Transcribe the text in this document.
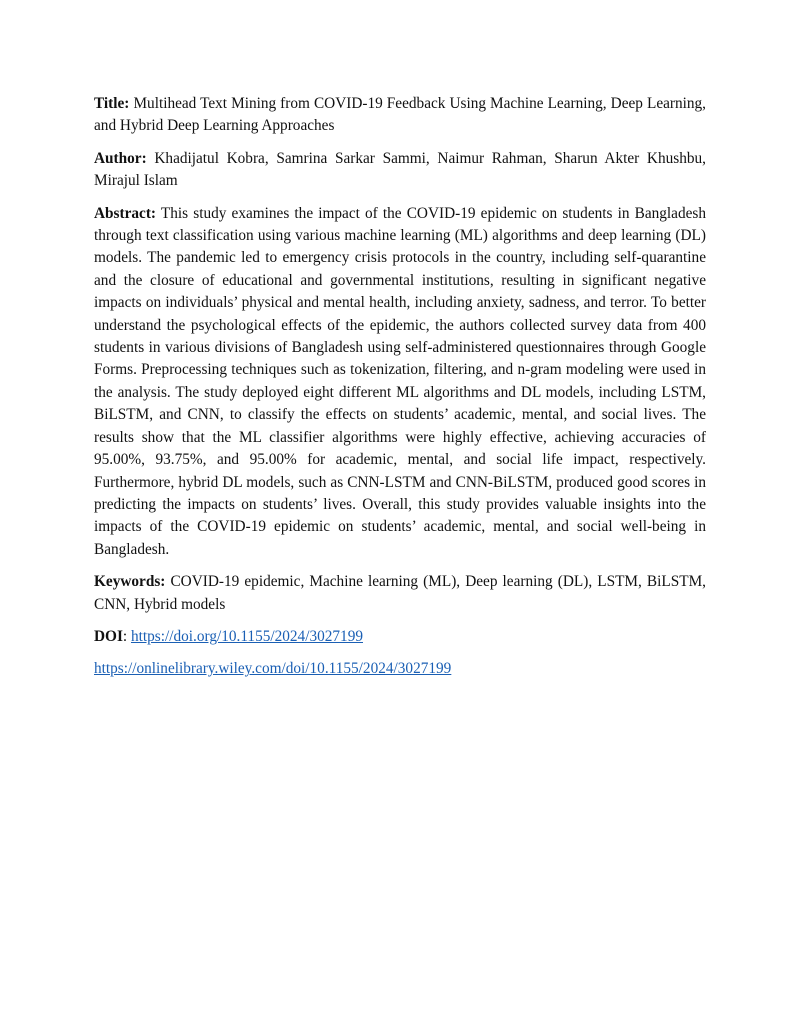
Title: Multihead Text Mining from COVID-19 Feedback Using Machine Learning, Deep Learning, and Hybrid Deep Learning Approaches

Author: Khadijatul Kobra, Samrina Sarkar Sammi, Naimur Rahman, Sharun Akter Khushbu, Mirajul Islam

Abstract: This study examines the impact of the COVID-19 epidemic on students in Bangladesh through text classification using various machine learning (ML) algorithms and deep learning (DL) models. The pandemic led to emergency crisis protocols in the country, including self-quarantine and the closure of educational and governmental institutions, resulting in significant negative impacts on individuals’ physical and mental health, including anxiety, sadness, and terror. To better understand the psychological effects of the epidemic, the authors collected survey data from 400 students in various divisions of Bangladesh using self-administered questionnaires through Google Forms. Preprocessing techniques such as tokenization, filtering, and n-gram modeling were used in the analysis. The study deployed eight different ML algorithms and DL models, including LSTM, BiLSTM, and CNN, to classify the effects on students’ academic, mental, and social lives. The results show that the ML classifier algorithms were highly effective, achieving accuracies of 95.00%, 93.75%, and 95.00% for academic, mental, and social life impact, respectively. Furthermore, hybrid DL models, such as CNN-LSTM and CNN-BiLSTM, produced good scores in predicting the impacts on students’ lives. Overall, this study provides valuable insights into the impacts of the COVID-19 epidemic on students’ academic, mental, and social well-being in Bangladesh.

Keywords: COVID-19 epidemic, Machine learning (ML), Deep learning (DL), LSTM, BiLSTM, CNN, Hybrid models

DOI: https://doi.org/10.1155/2024/3027199

https://onlinelibrary.wiley.com/doi/10.1155/2024/3027199
